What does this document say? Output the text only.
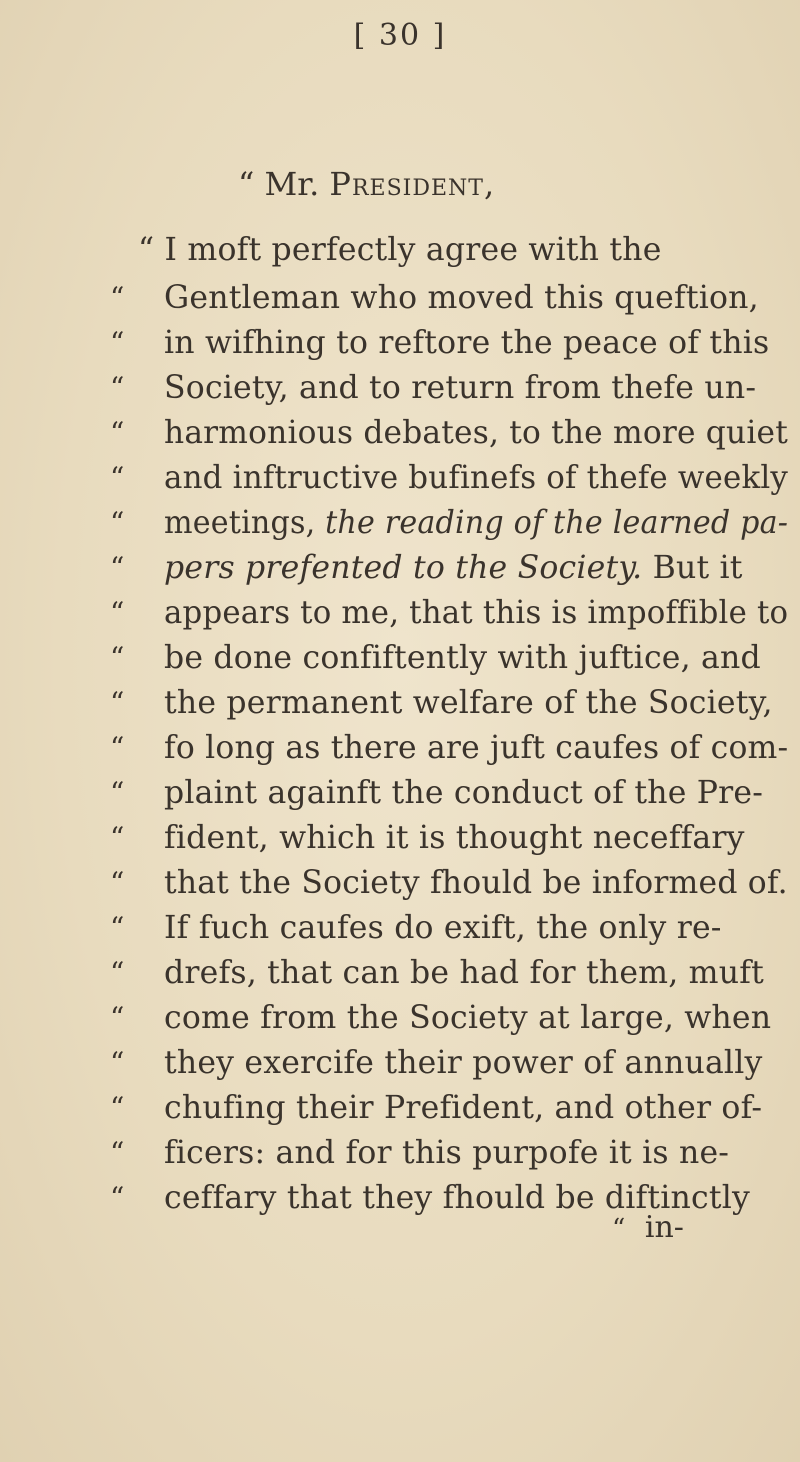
[ 30 ]
“ Mr. President,
“ I moft perfectly agree with the
“ Gentleman who moved this queftion,
“ in wifhing to reftore the peace of this
“ Society, and to return from thefe un-
“ harmonious debates, to the more quiet
“ and inftructive bufinefs of thefe weekly
“ meetings, the reading of the learned pa-
“ pers prefented to the Society. But it
“ appears to me, that this is impoffible to
“ be done confiftently with juftice, and
“ the permanent welfare of the Society,
“ fo long as there are juft caufes of com-
“ plaint againft the conduct of the Pre-
“ fident, which it is thought neceffary
“ that the Society fhould be informed of.
“ If fuch caufes do exift, the only re-
“ drefs, that can be had for them, muft
“ come from the Society at large, when
“ they exercife their power of annually
“ chufing their Prefident, and other of-
“ ficers: and for this purpofe it is ne-
“ ceffary that they fhould be diftinctly
“ in-
